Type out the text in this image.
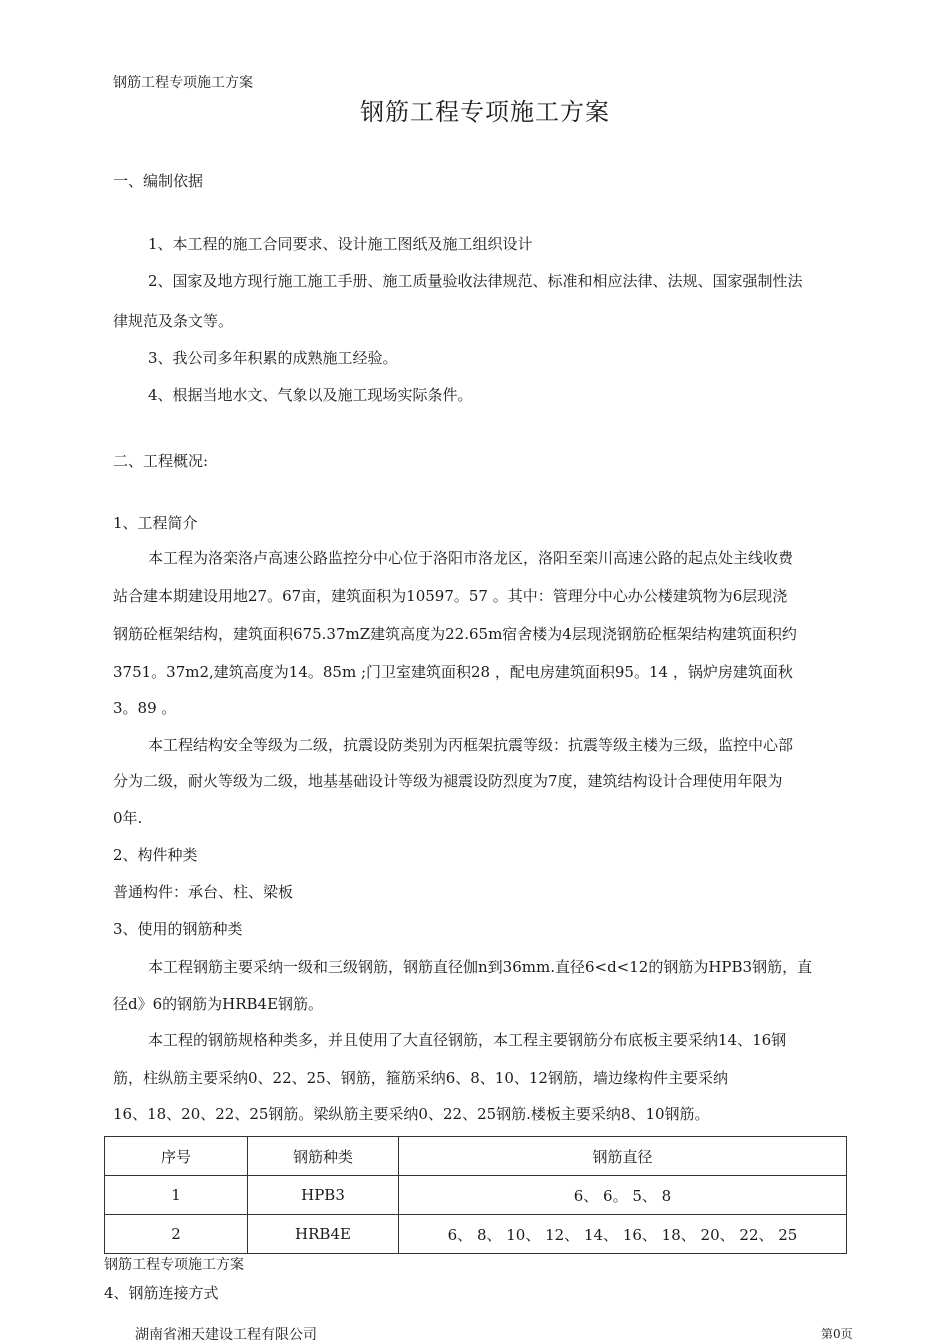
钢筋工程专项施工方案
钢筋工程专项施工方案
一、编制依据
1、本工程的施工合同要求、设计施工图纸及施工组织设计
2、国家及地方现行施工施工手册、施工质量验收法律规范、标准和相应法律、法规、国家强制性法
律规范及条文等。
3、我公司多年积累的成熟施工经验。
4、根据当地水文、气象以及施工现场实际条件。
二、工程概况:
1、工程简介
本工程为洛栾洛卢高速公路监控分中心位于洛阳市洛龙区，洛阳至栾川高速公路的起点处主线收费
站合建本期建设用地27。67亩，建筑面积为10597。57 。其中：管理分中心办公楼建筑物为6层现浇
钢筋砼框架结构，建筑面积675.37mZ建筑高度为22.65m宿舍楼为4层现浇钢筋砼框架结构建筑面积约
3751。37m2,建筑高度为14。85m ;门卫室建筑面积28 ，配电房建筑面积95。14 ，锅炉房建筑面秋
3。89 。
本工程结构安全等级为二级，抗震设防类别为丙框架抗震等级：抗震等级主楼为三级，监控中心部
分为二级，耐火等级为二级，地基基础设计等级为褪震设防烈度为7度，建筑结构设计合理使用年限为
0年.
2、构件种类
普通构件：承台、柱、梁板
3、使用的钢筋种类
本工程钢筋主要采纳一级和三级钢筋，钢筋直径伽n到36mm.直径6<d<12的钢筋为HPB3钢筋，直
径d》6的钢筋为HRB4E钢筋。
本工程的钢筋规格种类多，并且使用了大直径钢筋，本工程主要钢筋分布底板主要采纳14、16钢
筋，柱纵筋主要采纳0、22、25、钢筋，箍筋采纳6、8、10、12钢筋，墙边缘构件主要采纳
16、18、20、22、25钢筋。梁纵筋主要采纳0、22、25钢筋.楼板主要采纳8、10钢筋。
序号	钢筋种类	钢筋直径
1	HPB3	6、 6。 5、 8
2	HRB4E	6、 8、 10、 12、 14、 16、 18、 20、 22、 25
钢筋工程专项施工方案
4、钢筋连接方式
湖南省湘天建设工程有限公司	第0页
